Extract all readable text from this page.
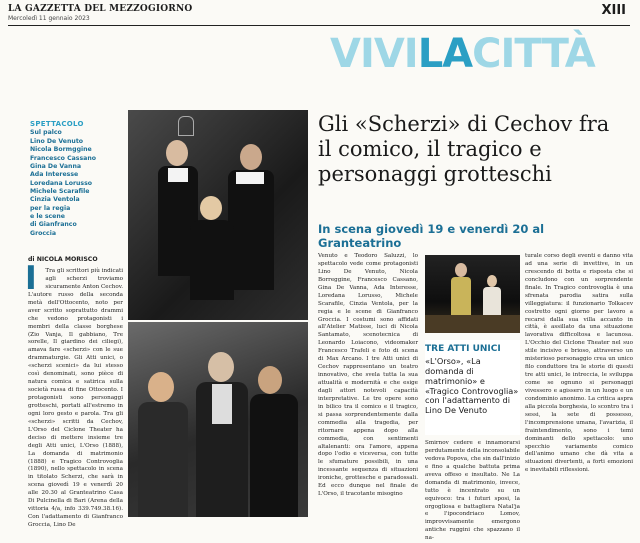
LA GAZZETTA DEL MEZZOGIORNO
Mercoledì 11 gennaio 2023
XIII
VIVILACITTÀ
SPETTACOLO
Sul palco
Lino De Venuto
Nicola Bormggine
Francesco Cassano
Gina De Vanna
Ada Interesse
Loredana Lorusso
Michele Scarafile
Cinzia Ventola
per la regia
e le scene
di Gianfranco
Groccia
Gli «Scherzi» di Cechov fra il comico, il tragico e personaggi grotteschi
In scena giovedì 19 e venerdì 20 al Granteatrino
di NICOLA MORISCO
▍ Tra gli scrittori più indicati agli scherzi troviamo sicuramente Anton Cechov. L'autore russo della seconda metà dell'Ottocento, noto per aver scritto soprattutto drammi che vedono protagonisti i membri della classe borghese (Zio Vanja, Il gabbiano, Tre sorelle, Il giardino dei ciliegi), amava fare «scherzi» con le sue drammaturgie. Gli Atti unici, o «scherzi scenici» da lui stesso così denominati, sono pièce di natura comica e satirica sulla società russa di fine Ottocento. I protagonisti sono personaggi grotteschi, portati all'estremo in ogni loro gesto e parola. Tra gli «scherzi» scritti da Cechov, L'Orso del Ciclone Theater ha deciso di mettere insieme tre degli Atti unici, L'Orso (1888), La domanda di matrimonio (1888) e Tragico Controvoglia (1890), nello spettacolo in scena in titolato Scherzi, che sarà in scena giovedì 19 e venerdì 20 alle 20.30 al Granteatrino Casa Di Pulcinella di Bari (Arena della vittoria 4/a, info 339.749.38.16). Con l'adattamento di Gianfranco Groccia, Lino De
Venuto e Teodoro Saluzzi, lo spettacolo vede come protagonisti Lino De Venuto, Nicola Borreggine, Francesco Cassano, Gina De Vanna, Ada Interesse, Loredana Lorusso, Michele Scarafile, Cinzia Ventola, per la regia e le scene di Gianfranco Groccia. I costumi sono affidati all'Atelier Matisse, luci di Nicola Santamato, scenotecnica di Leonardo Loiacono, videomaker Francesco Trafeli e foto di scena di Max Arcano. I tre Atti unici di Cechov rappresentano un teatro innovativo, che svela tutta la sua attualità e modernità e che esige dagli attori notevoli capacità interpretative. Le tre opere sono in bilico tra il comico e il tragico, si passa sorprendentemente dalla commedia alla tragedia, per ritornare appena dopo alla commedia, con sentimenti altalenanti: ora l'amore, appena dopo l'odio e viceversa, con tutte le sfumature possibili, in una incessante sequenza di situazioni ironiche, grottesche e paradossali. Ed ecco dunque nel finale de L'Orso, il tracotante misogino
TRE ATTI UNICI
«L'Orso», «La domanda di matrimonio» e «Tragico Controvoglia» con l'adattamento di Lino De Venuto
Smirnov cedere e innamorarsi perdutamente della inconsolabile vedova Popova, che sin dall'inizio e fino a qualche battuta prima aveva offeso e insultato. Ne La domanda di matrimonio, invece, tutto è incentrato su un equivoco: tra i futuri sposi, la orgogliosa e battagliera Natal'ja e l'ipocondriaco Lomov, improvvisamente emergono antiche ruggini che spazzano il na-
turale corso degli eventi e danno vita ad una serie di invettive, in un crescendo di botta e risposta che si concludono con un sorprendente finale. In Tragico controvoglia è una sfrenata parodia satira sulla villeggiatura: il funzionario Tolkacev costretto ogni giorno per lavoro a recarsi dalla sua villa accanto in città, è assillato da una situazione lavorativa difficoltosa e lacunosa. L'Occhio del Ciclone Theater nel suo stile incisivo e brioso, attraverso un misterioso personaggio crea un unico filo conduttore tra le storie di questi tre atti unici, le intreccia, le sviluppa come se ognuno si personaggi vivessero e agissero in un luogo e un condominio anonimo. La critica aspra alla piccola borghesia, lo scontro tra i sessi, la sete di possesso, l'incomprensione umana, l'avarizia, il fraintendimento, sono i temi dominanti dello spettacolo: uno specchio variamente comico dell'animo umano che dà vita a situazioni divertenti, a forti emozioni e inevitabili riflessioni.
